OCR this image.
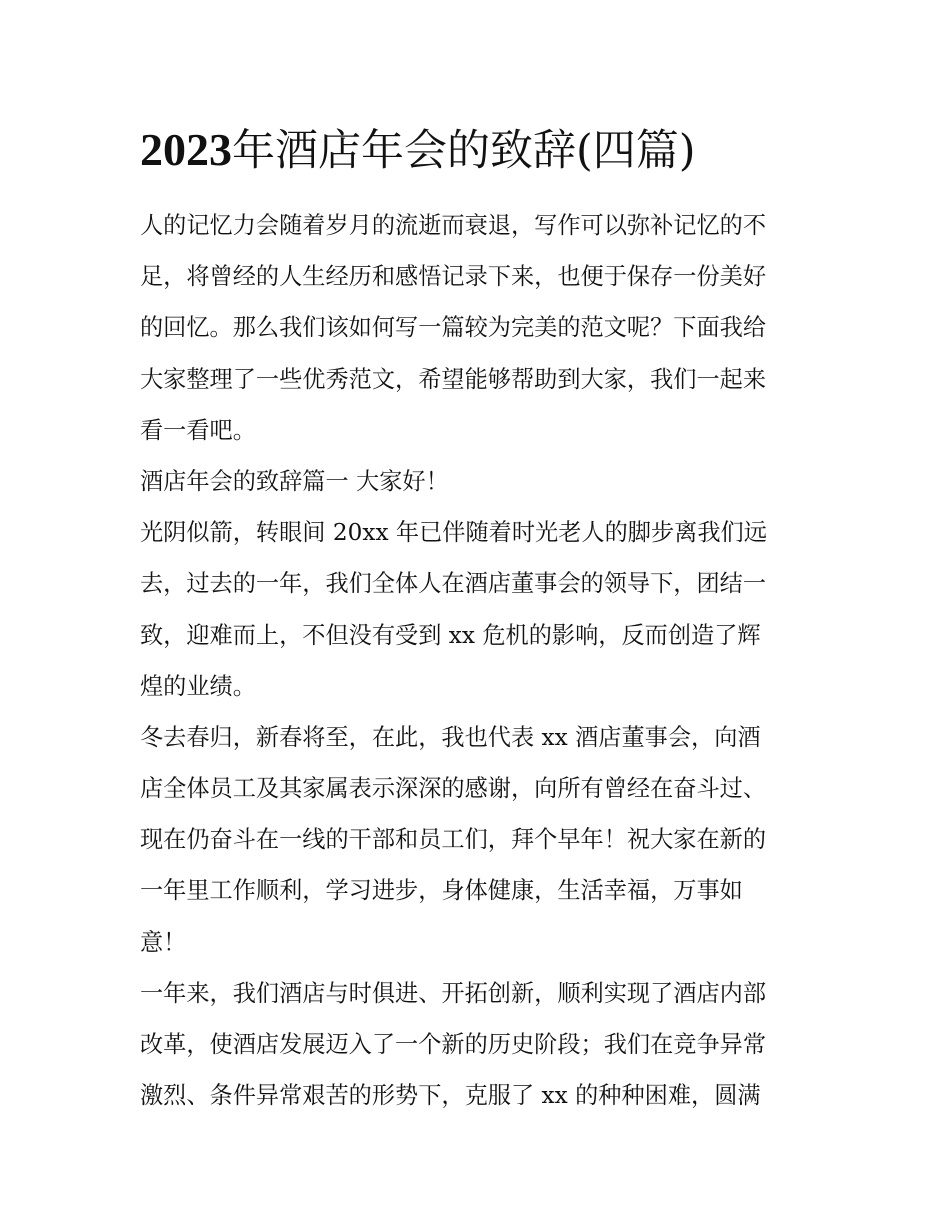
2023年酒店年会的致辞(四篇)
人的记忆力会随着岁月的流逝而衰退，写作可以弥补记忆的不
足，将曾经的人生经历和感悟记录下来，也便于保存一份美好
的回忆。那么我们该如何写一篇较为完美的范文呢？下面我给
大家整理了一些优秀范文，希望能够帮助到大家，我们一起来
看一看吧。
酒店年会的致辞篇一 大家好！
光阴似箭，转眼间 20xx 年已伴随着时光老人的脚步离我们远
去，过去的一年，我们全体人在酒店董事会的领导下，团结一
致，迎难而上，不但没有受到 xx 危机的影响，反而创造了辉
煌的业绩。
冬去春归，新春将至，在此，我也代表 xx 酒店董事会，向酒
店全体员工及其家属表示深深的感谢，向所有曾经在奋斗过、
现在仍奋斗在一线的干部和员工们，拜个早年！祝大家在新的
一年里工作顺利，学习进步，身体健康，生活幸福，万事如
意！
一年来，我们酒店与时俱进、开拓创新，顺利实现了酒店内部
改革，使酒店发展迈入了一个新的历史阶段；我们在竞争异常
激烈、条件异常艰苦的形势下，克服了 xx 的种种困难，圆满
